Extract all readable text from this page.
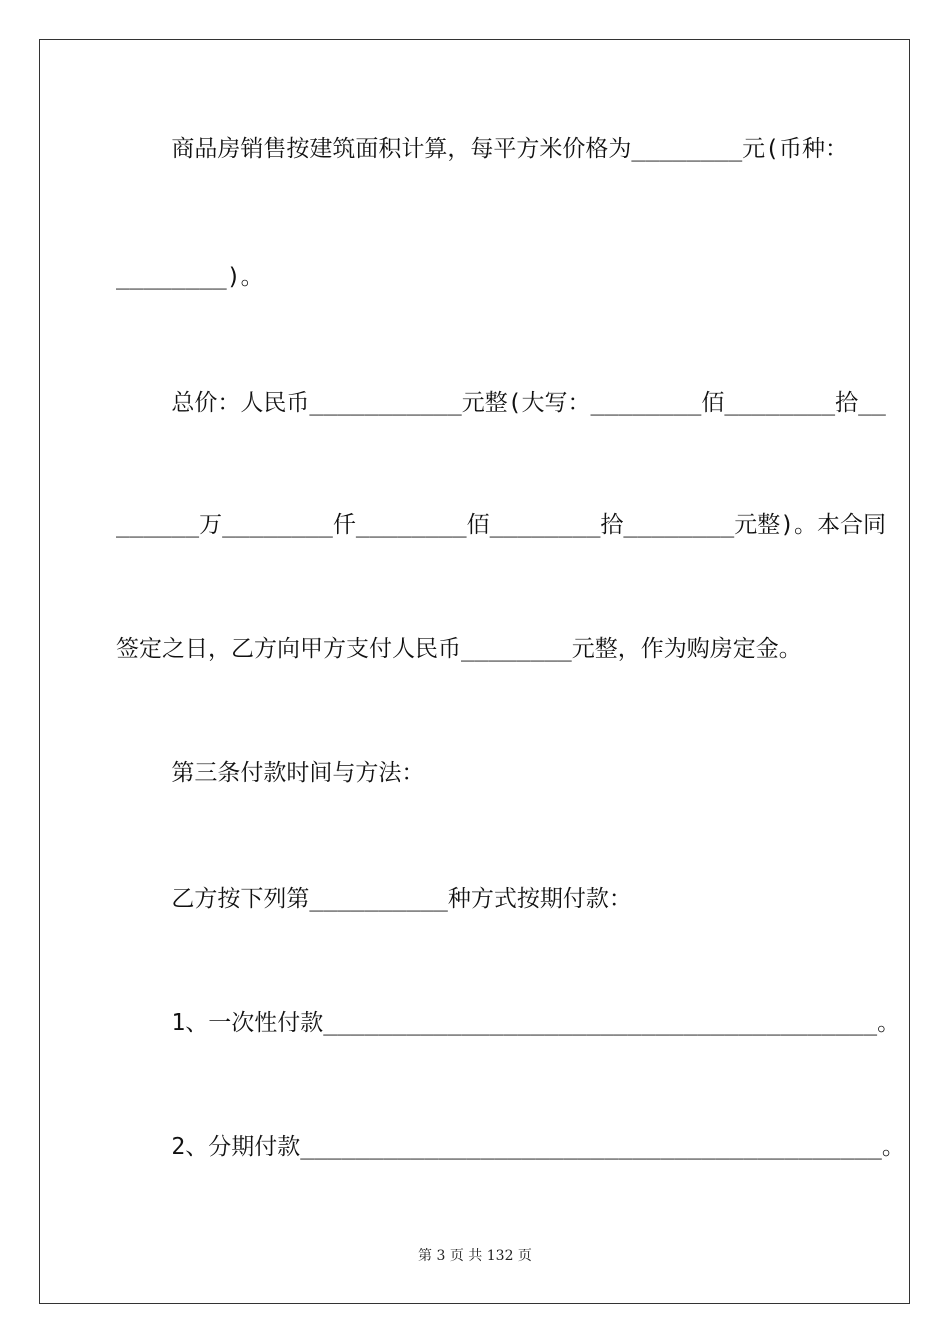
商品房销售按建筑面积计算，每平方米价格为________元(币种：
________)。
总价：人民币___________元整(大写：________佰________拾__
______万________仟________佰________拾________元整)。本合同
签定之日，乙方向甲方支付人民币________元整，作为购房定金。
第三条付款时间与方法：
乙方按下列第__________种方式按期付款：
1、一次性付款________________________________________。
2、分期付款__________________________________________。
第 3 页 共 132 页
